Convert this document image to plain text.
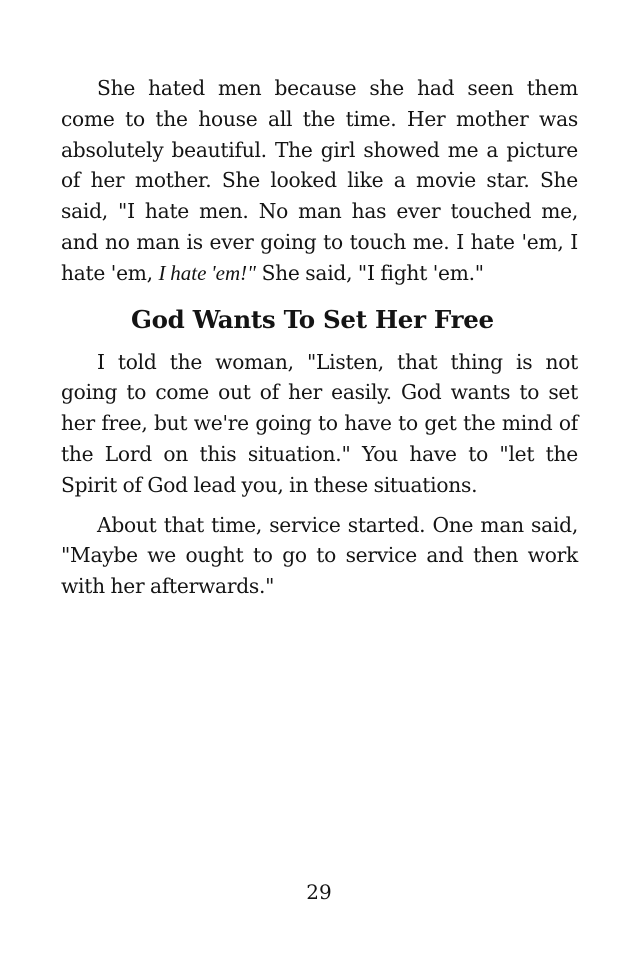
She hated men because she had seen them come to the house all the time. Her mother was absolutely beautiful. The girl showed me a picture of her mother. She looked like a movie star. She said, "I hate men. No man has ever touched me, and no man is ever going to touch me. I hate 'em, I hate 'em, I hate 'em!" She said, "I fight 'em."

God Wants To Set Her Free

I told the woman, "Listen, that thing is not going to come out of her easily. God wants to set her free, but we're going to have to get the mind of the Lord on this situation." You have to "let the Spirit of God lead you, in these situations.

About that time, service started. One man said, "Maybe we ought to go to service and then work with her afterwards."

29
